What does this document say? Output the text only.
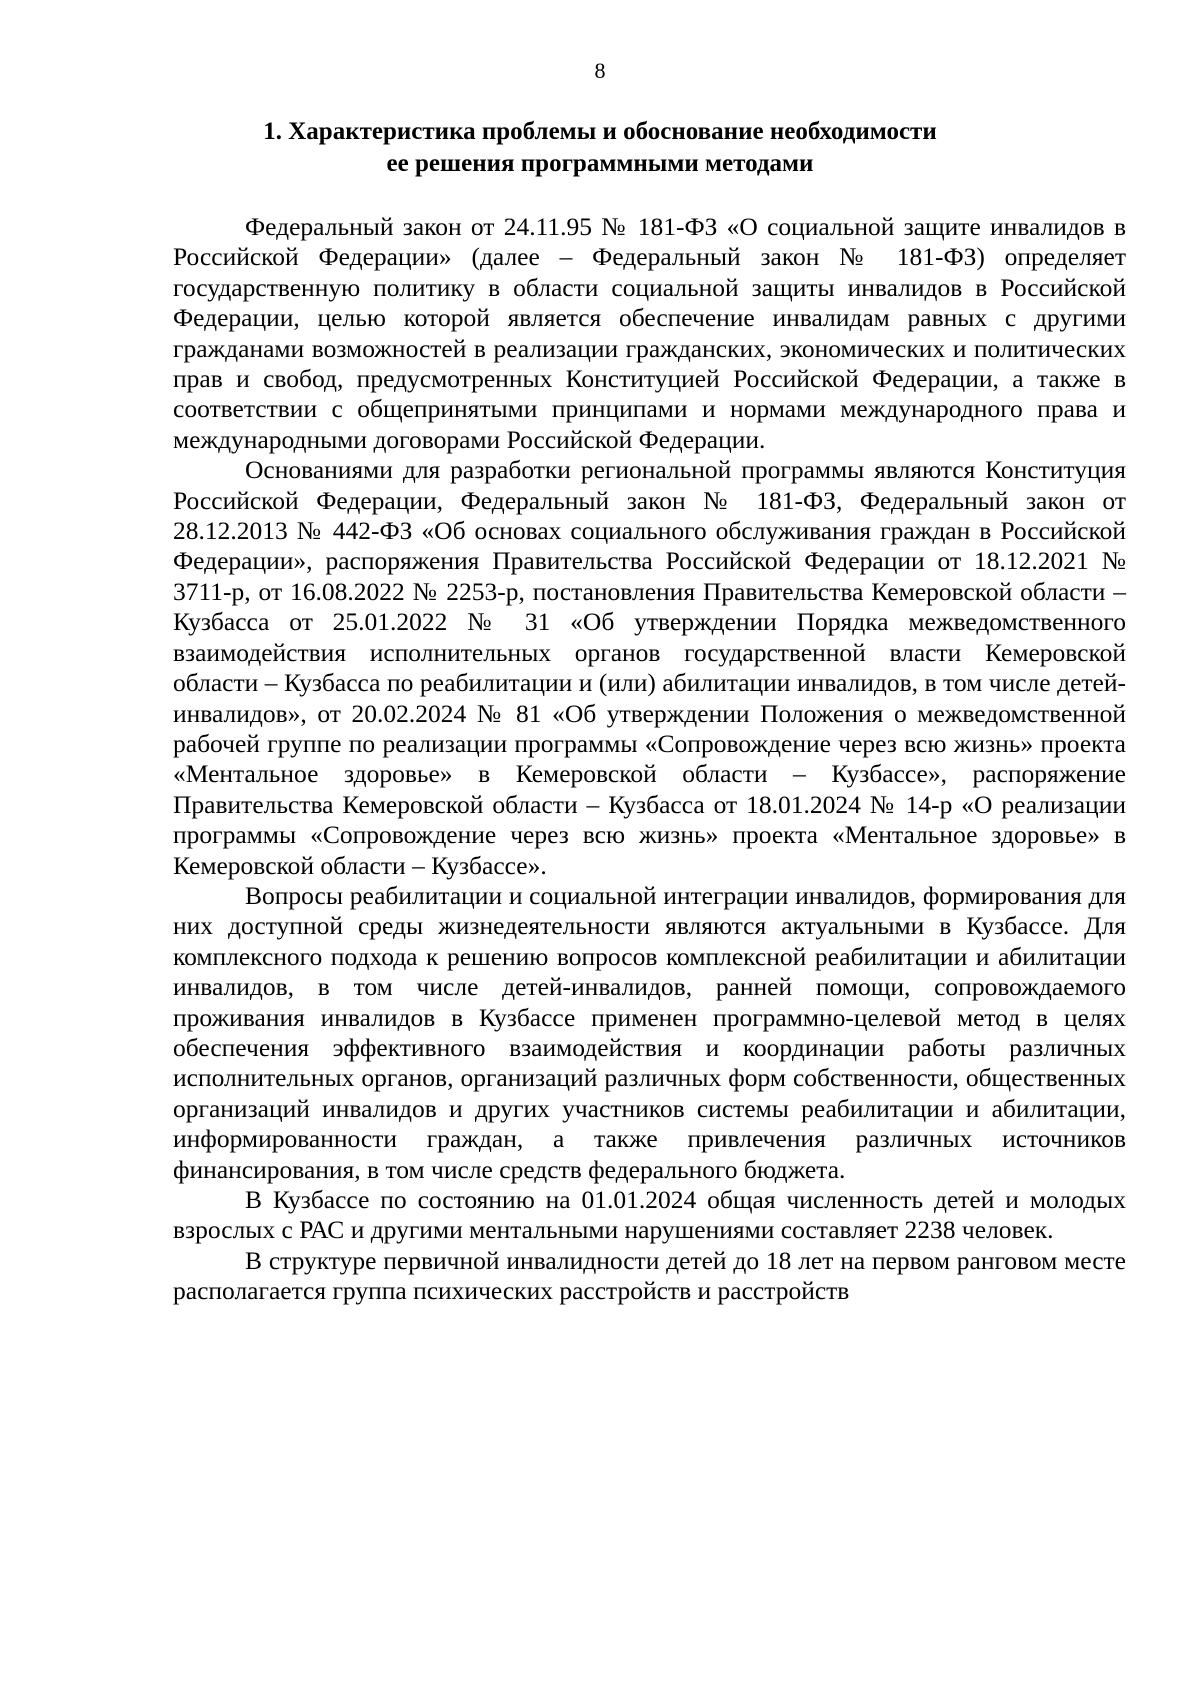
8
1. Характеристика проблемы и обоснование необходимости
ее решения программными методами

Федеральный закон от 24.11.95 № 181-ФЗ «О социальной защите инвалидов в Российской Федерации» (далее – Федеральный закон № 181-ФЗ) определяет государственную политику в области социальной защиты инвалидов в Российской Федерации, целью которой является обеспечение инвалидам равных с другими гражданами возможностей в реализации гражданских, экономических и политических прав и свобод, предусмотренных Конституцией Российской Федерации, а также в соответствии с общепринятыми принципами и нормами международного права и международными договорами Российской Федерации.

Основаниями для разработки региональной программы являются Конституция Российской Федерации, Федеральный закон № 181-ФЗ, Федеральный закон от 28.12.2013 № 442-ФЗ «Об основах социального обслуживания граждан в Российской Федерации», распоряжения Правительства Российской Федерации от 18.12.2021 № 3711-р, от 16.08.2022 № 2253-р, постановления Правительства Кемеровской области – Кузбасса от 25.01.2022 № 31 «Об утверждении Порядка межведомственного взаимодействия исполнительных органов государственной власти Кемеровской области – Кузбасса по реабилитации и (или) абилитации инвалидов, в том числе детей-инвалидов», от 20.02.2024 № 81 «Об утверждении Положения о межведомственной рабочей группе по реализации программы «Сопровождение через всю жизнь» проекта «Ментальное здоровье» в Кемеровской области – Кузбассе», распоряжение Правительства Кемеровской области – Кузбасса от 18.01.2024 № 14-р «О реализации программы «Сопровождение через всю жизнь» проекта «Ментальное здоровье» в Кемеровской области – Кузбассе».

Вопросы реабилитации и социальной интеграции инвалидов, формирования для них доступной среды жизнедеятельности являются актуальными в Кузбассе. Для комплексного подхода к решению вопросов комплексной реабилитации и абилитации инвалидов, в том числе детей-инвалидов, ранней помощи, сопровождаемого проживания инвалидов в Кузбассе применен программно-целевой метод в целях обеспечения эффективного взаимодействия и координации работы различных исполнительных органов, организаций различных форм собственности, общественных организаций инвалидов и других участников системы реабилитации и абилитации, информированности граждан, а также привлечения различных источников финансирования, в том числе средств федерального бюджета.

В Кузбассе по состоянию на 01.01.2024 общая численность детей и молодых взрослых с РАС и другими ментальными нарушениями составляет 2238 человек.

В структуре первичной инвалидности детей до 18 лет на первом ранговом месте располагается группа психических расстройств и расстройств
